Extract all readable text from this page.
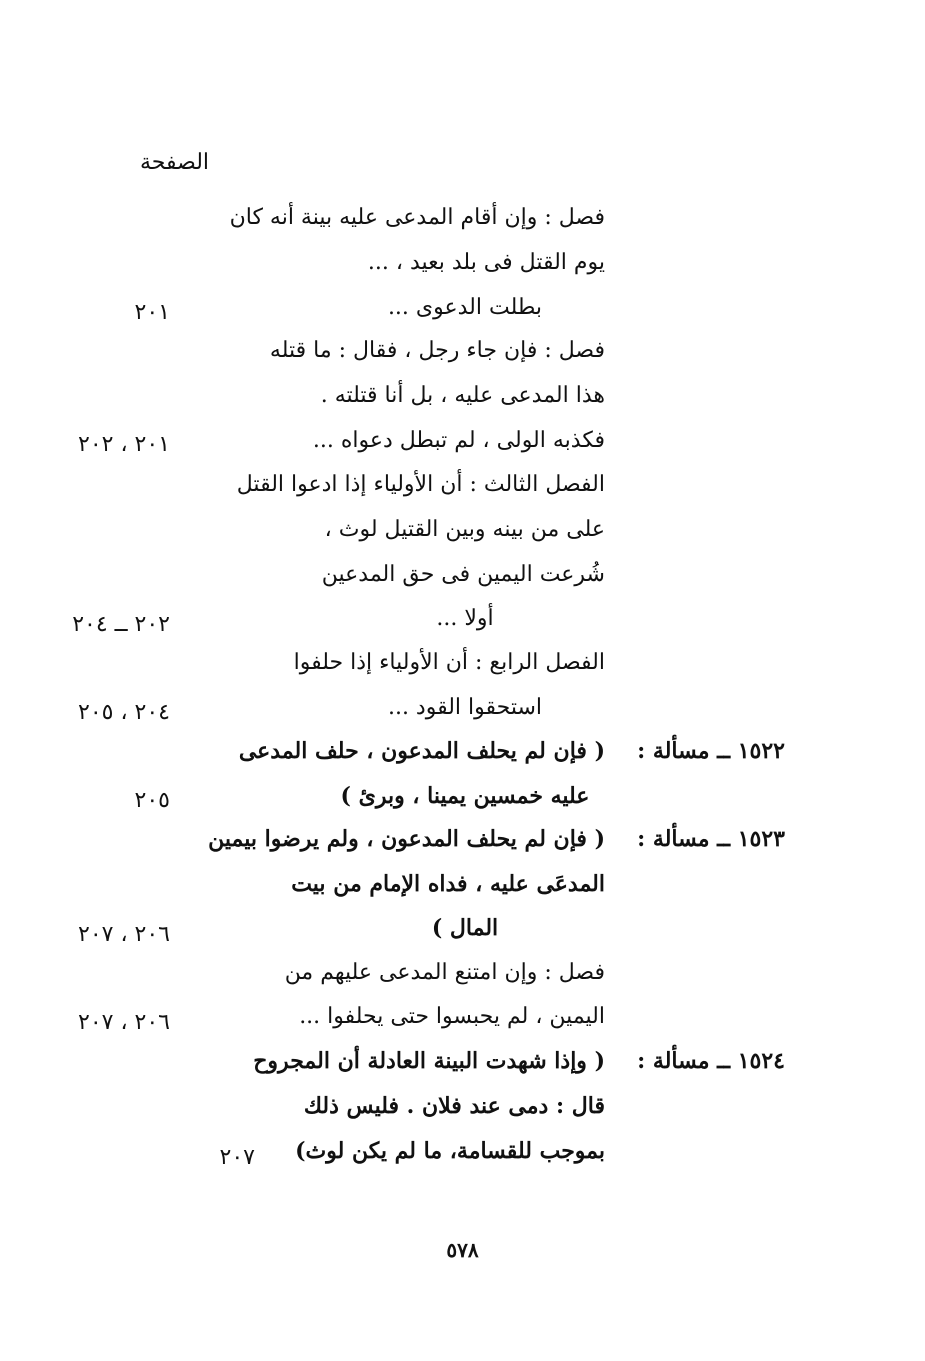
الصفحة
فصل : وإن أقام المدعى عليه بينة أنه كان
يوم القتل فى بلد بعيد ، ...
بطلت الدعوى ...
٢٠١
فصل : فإن جاء رجل ، فقال : ما قتله
هذا المدعى عليه ، بل أنا قتلته .
فكذبه الولى ، لم تبطل دعواه ...
٢٠١ ، ٢٠٢
الفصل الثالث : أن الأولياء إذا ادعوا القتل
على من بينه وبين القتيل لوث ،
شُرعت اليمين فى حق المدعين
أولا ...
٢٠٢ ــ ٢٠٤
الفصل الرابع : أن الأولياء إذا حلفوا
استحقوا القود ...
٢٠٤ ، ٢٠٥
١٥٢٢ ــ مسألة :
( فإن لم يحلف المدعون ، حلف المدعى
عليه خمسين يمينا ، وبرئ )
٢٠٥
١٥٢٣ ــ مسألة :
( فإن لم يحلف المدعون ، ولم يرضوا بيمين
المدعَى عليه ، فداه الإمام من بيت
المال )
٢٠٦ ، ٢٠٧
فصل : وإن امتنع المدعى عليهم من
اليمين ، لم يحبسوا حتى يحلفوا ...
٢٠٦ ، ٢٠٧
١٥٢٤ ــ مسألة :
( وإذا شهدت البينة العادلة أن المجروح
قال : دمى عند فلان . فليس ذلك
بموجب للقسامة، ما لم يكن لوث)
٢٠٧
٥٧٨
